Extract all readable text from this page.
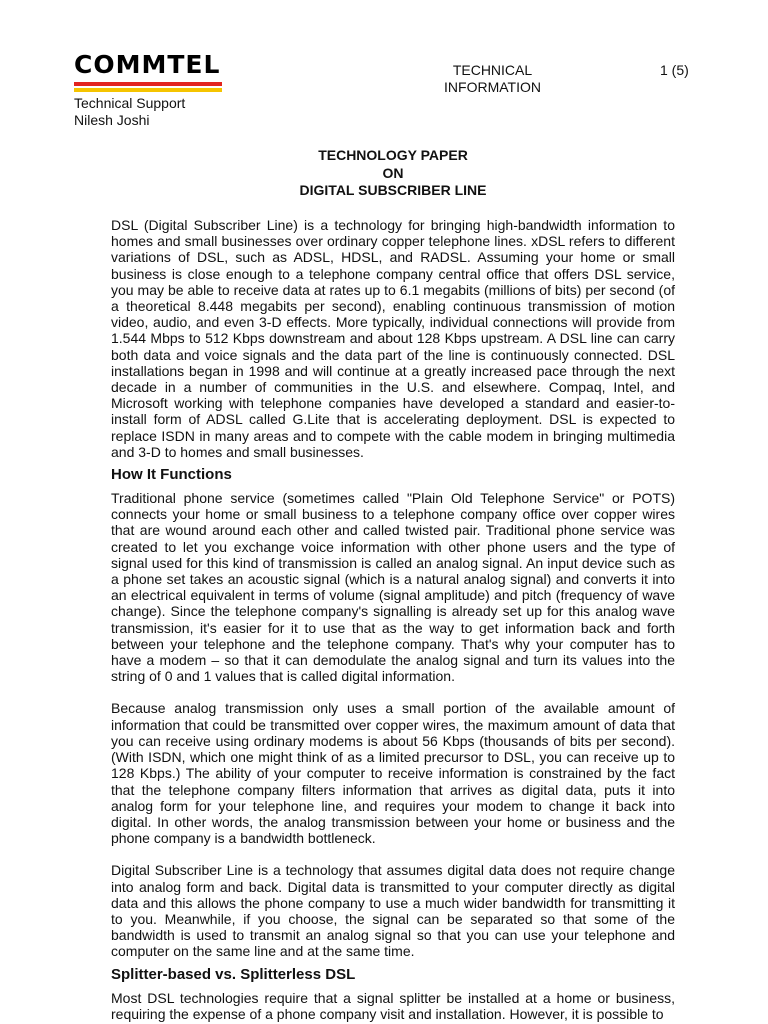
COMMTEL	TECHNICAL
INFORMATION
1 (5)
Technical Support
Nilesh Joshi
TECHNOLOGY PAPER
ON
DIGITAL SUBSCRIBER LINE

DSL (Digital Subscriber Line) is a technology for bringing high-bandwidth information to homes and small businesses over ordinary copper telephone lines. xDSL refers to different variations of DSL, such as ADSL, HDSL, and RADSL. Assuming your home or small business is close enough to a telephone company central office that offers DSL service, you may be able to receive data at rates up to 6.1 megabits (millions of bits) per second (of a theoretical 8.448 megabits per second), enabling continuous transmission of motion video, audio, and even 3-D effects. More typically, individual connections will provide from 1.544 Mbps to 512 Kbps downstream and about 128 Kbps upstream. A DSL line can carry both data and voice signals and the data part of the line is continuously connected. DSL installations began in 1998 and will continue at a greatly increased pace through the next decade in a number of communities in the U.S. and elsewhere. Compaq, Intel, and Microsoft working with telephone companies have developed a standard and easier-to-install form of ADSL called G.Lite that is accelerating deployment. DSL is expected to replace ISDN in many areas and to compete with the cable modem in bringing multimedia and 3-D to homes and small businesses.

How It Functions

Traditional phone service (sometimes called "Plain Old Telephone Service" or POTS) connects your home or small business to a telephone company office over copper wires that are wound around each other and called twisted pair. Traditional phone service was created to let you exchange voice information with other phone users and the type of signal used for this kind of transmission is called an analog signal. An input device such as a phone set takes an acoustic signal (which is a natural analog signal) and converts it into an electrical equivalent in terms of volume (signal amplitude) and pitch (frequency of wave change). Since the telephone company's signalling is already set up for this analog wave transmission, it's easier for it to use that as the way to get information back and forth between your telephone and the telephone company. That's why your computer has to have a modem – so that it can demodulate the analog signal and turn its values into the string of 0 and 1 values that is called digital information.

Because analog transmission only uses a small portion of the available amount of information that could be transmitted over copper wires, the maximum amount of data that you can receive using ordinary modems is about 56 Kbps (thousands of bits per second). (With ISDN, which one might think of as a limited precursor to DSL, you can receive up to 128 Kbps.) The ability of your computer to receive information is constrained by the fact that the telephone company filters information that arrives as digital data, puts it into analog form for your telephone line, and requires your modem to change it back into digital. In other words, the analog transmission between your home or business and the phone company is a bandwidth bottleneck.

Digital Subscriber Line is a technology that assumes digital data does not require change into analog form and back. Digital data is transmitted to your computer directly as digital data and this allows the phone company to use a much wider bandwidth for transmitting it to you. Meanwhile, if you choose, the signal can be separated so that some of the bandwidth is used to transmit an analog signal so that you can use your telephone and computer on the same line and at the same time.

Splitter-based vs. Splitterless DSL

Most DSL technologies require that a signal splitter be installed at a home or business, requiring the expense of a phone company visit and installation. However, it is possible to
